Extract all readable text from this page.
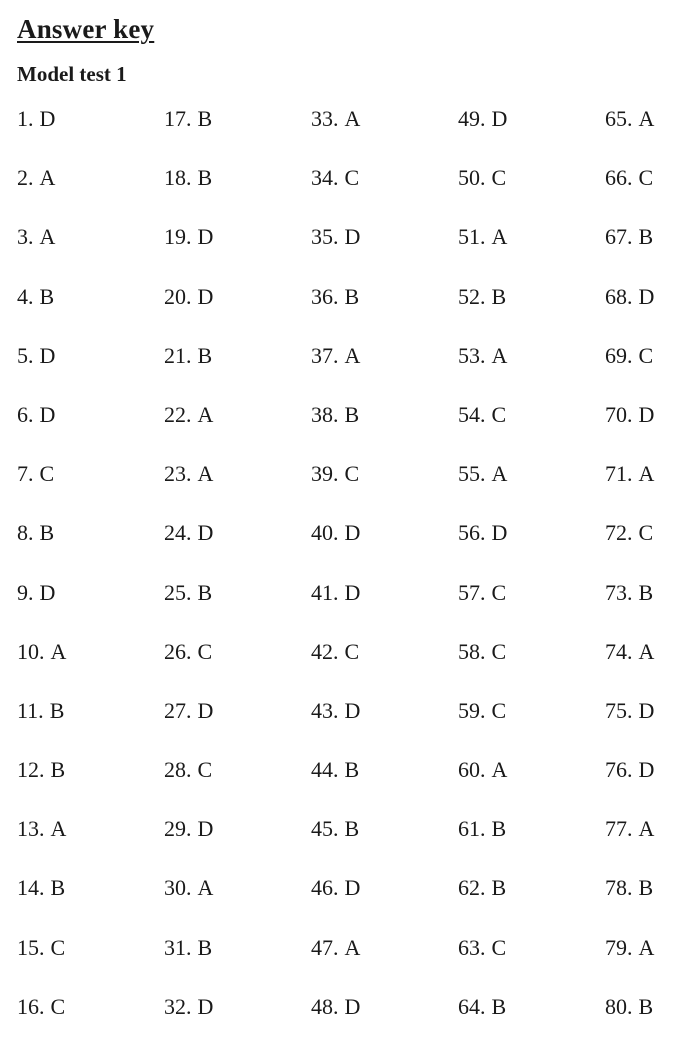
Answer key
Model test 1
1. D	17. B	33. A	49. D	65. A
2. A	18. B	34. C	50. C	66. C
3. A	19. D	35. D	51. A	67. B
4. B	20. D	36. B	52. B	68. D
5. D	21. B	37. A	53. A	69. C
6. D	22. A	38. B	54. C	70. D
7. C	23. A	39. C	55. A	71. A
8. B	24. D	40. D	56. D	72. C
9. D	25. B	41. D	57. C	73. B
10. A	26. C	42. C	58. C	74. A
11. B	27. D	43. D	59. C	75. D
12. B	28. C	44. B	60. A	76. D
13. A	29. D	45. B	61. B	77. A
14. B	30. A	46. D	62. B	78. B
15. C	31. B	47. A	63. C	79. A
16. C	32. D	48. D	64. B	80. B
